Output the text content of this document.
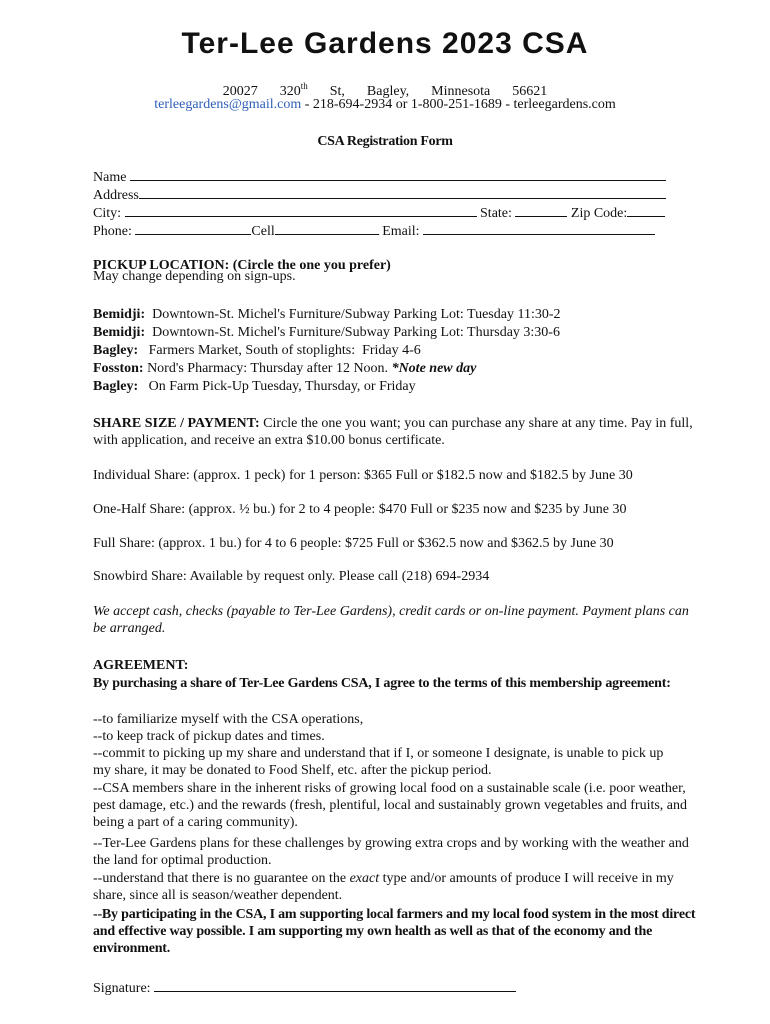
Ter-Lee Gardens 2023 CSA
20027 320th St, Bagley, Minnesota 56621
terleegardens@gmail.com - 218-694-2934 or 1-800-251-1689 - terleegardens.com
CSA Registration Form
Name
Address
City:	State:	Zip Code:
Phone:	Cell	Email:
PICKUP LOCATION: (Circle the one you prefer)
May change depending on sign-ups.
Bemidji:  Downtown-St. Michel's Furniture/Subway Parking Lot: Tuesday 11:30-2
Bemidji:  Downtown-St. Michel's Furniture/Subway Parking Lot: Thursday 3:30-6
Bagley:   Farmers Market, South of stoplights:  Friday 4-6
Fosston: Nord's Pharmacy: Thursday after 12 Noon. *Note new day
Bagley:   On Farm Pick-Up Tuesday, Thursday, or Friday
SHARE SIZE / PAYMENT: Circle the one you want; you can purchase any share at any time. Pay in full, with application, and receive an extra $10.00 bonus certificate.
Individual Share: (approx. 1 peck) for 1 person: $365 Full or $182.5 now and $182.5 by June 30
One-Half Share: (approx. ½ bu.) for 2 to 4 people: $470 Full or $235 now and $235 by June 30
Full Share: (approx. 1 bu.) for 4 to 6 people: $725 Full or $362.5 now and $362.5 by June 30
Snowbird Share: Available by request only. Please call (218) 694-2934
We accept cash, checks (payable to Ter-Lee Gardens), credit cards or on-line payment. Payment plans can be arranged.
AGREEMENT:
By purchasing a share of Ter-Lee Gardens CSA, I agree to the terms of this membership agreement:
--to familiarize myself with the CSA operations,
--to keep track of pickup dates and times.
--commit to picking up my share and understand that if I, or someone I designate, is unable to pick up my share, it may be donated to Food Shelf, etc. after the pickup period.
--CSA members share in the inherent risks of growing local food on a sustainable scale (i.e. poor weather, pest damage, etc.) and the rewards (fresh, plentiful, local and sustainably grown vegetables and fruits, and being a part of a caring community).
--Ter-Lee Gardens plans for these challenges by growing extra crops and by working with the weather and the land for optimal production.
--understand that there is no guarantee on the exact type and/or amounts of produce I will receive in my share, since all is season/weather dependent.
--By participating in the CSA, I am supporting local farmers and my local food system in the most direct and effective way possible. I am supporting my own health as well as that of the economy and the environment.
Signature:
